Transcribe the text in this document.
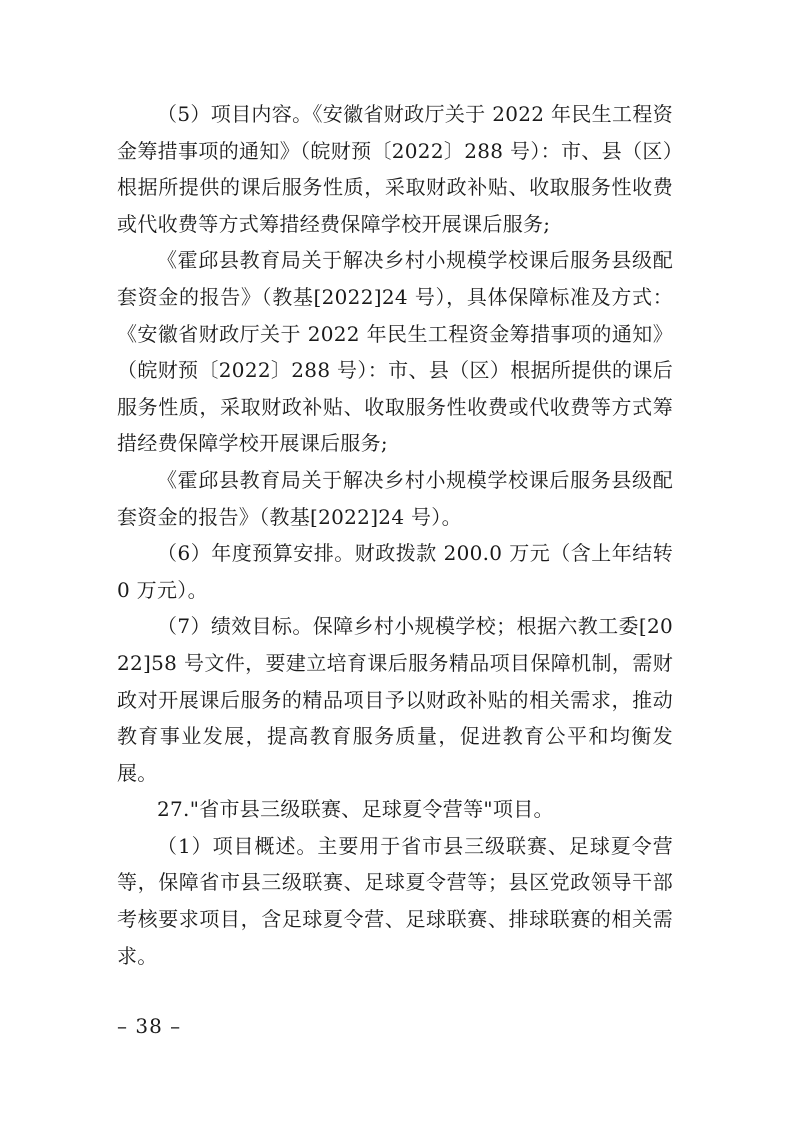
（5）项目内容。《安徽省财政厅关于 2022 年民生工程资金筹措事项的通知》（皖财预〔2022〕288 号）：市、县（区）根据所提供的课后服务性质，采取财政补贴、收取服务性收费或代收费等方式筹措经费保障学校开展课后服务;

《霍邱县教育局关于解决乡村小规模学校课后服务县级配套资金的报告》（教基[2022]24 号），具体保障标准及方式：《安徽省财政厅关于 2022 年民生工程资金筹措事项的通知》（皖财预〔2022〕288 号）：市、县（区）根据所提供的课后服务性质，采取财政补贴、收取服务性收费或代收费等方式筹措经费保障学校开展课后服务;

《霍邱县教育局关于解决乡村小规模学校课后服务县级配套资金的报告》（教基[2022]24 号）。

（6）年度预算安排。财政拨款 200.0 万元（含上年结转 0 万元）。

（7）绩效目标。保障乡村小规模学校；根据六教工委[2022]58 号文件，要建立培育课后服务精品项目保障机制，需财政对开展课后服务的精品项目予以财政补贴的相关需求，推动教育事业发展，提高教育服务质量，促进教育公平和均衡发展。

27."省市县三级联赛、足球夏令营等"项目。

（1）项目概述。主要用于省市县三级联赛、足球夏令营等，保障省市县三级联赛、足球夏令营等；县区党政领导干部考核要求项目，含足球夏令营、足球联赛、排球联赛的相关需求。

– 38 –
